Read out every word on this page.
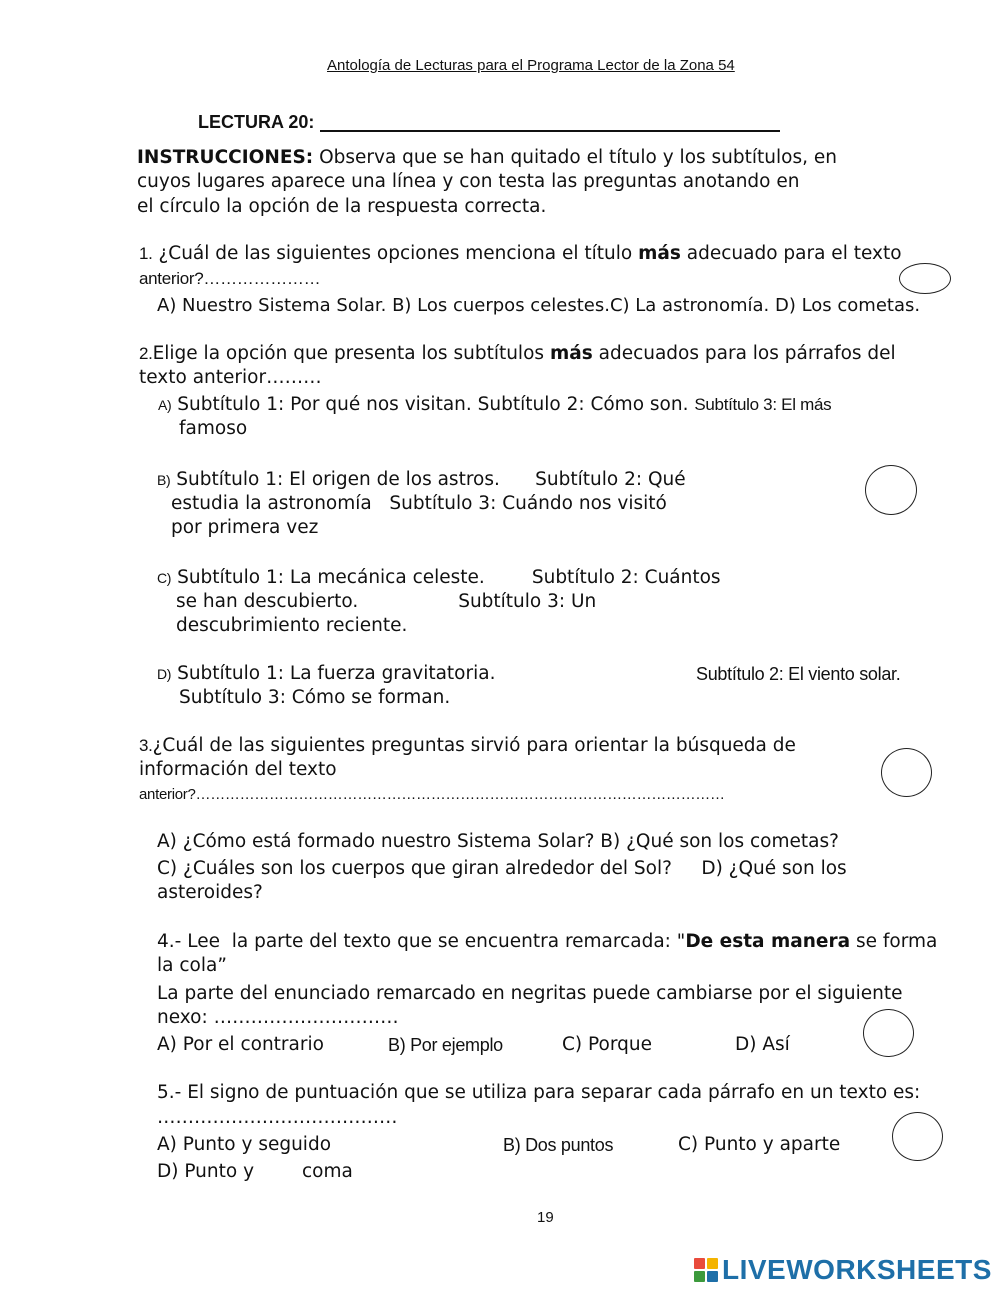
Antología de Lecturas para el Programa Lector de la Zona 54
LECTURA 20:
INSTRUCCIONES: Observa que se han quitado el título y los subtítulos, en
cuyos lugares aparece una línea y con testa las preguntas anotando en
el círculo la opción de la respuesta correcta.
1. ¿Cuál de las siguientes opciones menciona el título más adecuado para el texto
anterior?…………………
A) Nuestro Sistema Solar. B) Los cuerpos celestes.C) La astronomía. D) Los cometas.
2.Elige la opción que presenta los subtítulos más adecuados para los párrafos del
texto anterior………
A) Subtítulo 1: Por qué nos visitan. Subtítulo 2: Cómo son. Subtítulo 3: El más
famoso
B) Subtítulo 1: El origen de los astros.      Subtítulo 2: Qué
estudia la astronomía   Subtítulo 3: Cuándo nos visitó
por primera vez
C) Subtítulo 1: La mecánica celeste.        Subtítulo 2: Cuántos
se han descubierto.                 Subtítulo 3: Un
descubrimiento reciente.
D) Subtítulo 1: La fuerza gravitatoria.	Subtítulo 2: El viento solar.
Subtítulo 3: Cómo se forman.
3.¿Cuál de las siguientes preguntas sirvió para orientar la búsqueda de
información del texto
anterior?………………………………………………………………………………………………
A) ¿Cómo está formado nuestro Sistema Solar? B) ¿Qué son los cometas?
C) ¿Cuáles son los cuerpos que giran alrededor del Sol?     D) ¿Qué son los
asteroides?
4.- Lee  la parte del texto que se encuentra remarcada: "De esta manera se forma
la cola”
La parte del enunciado remarcado en negritas puede cambiarse por el siguiente
nexo: …………………………
A) Por el contrario	B) Por ejemplo	C) Porque	D) Así
5.- El signo de puntuación que se utiliza para separar cada párrafo en un texto es:
…………………………………
A) Punto y seguido	B) Dos puntos	C) Punto y aparte
D) Punto y	coma
19
LIVEWORKSHEETS
